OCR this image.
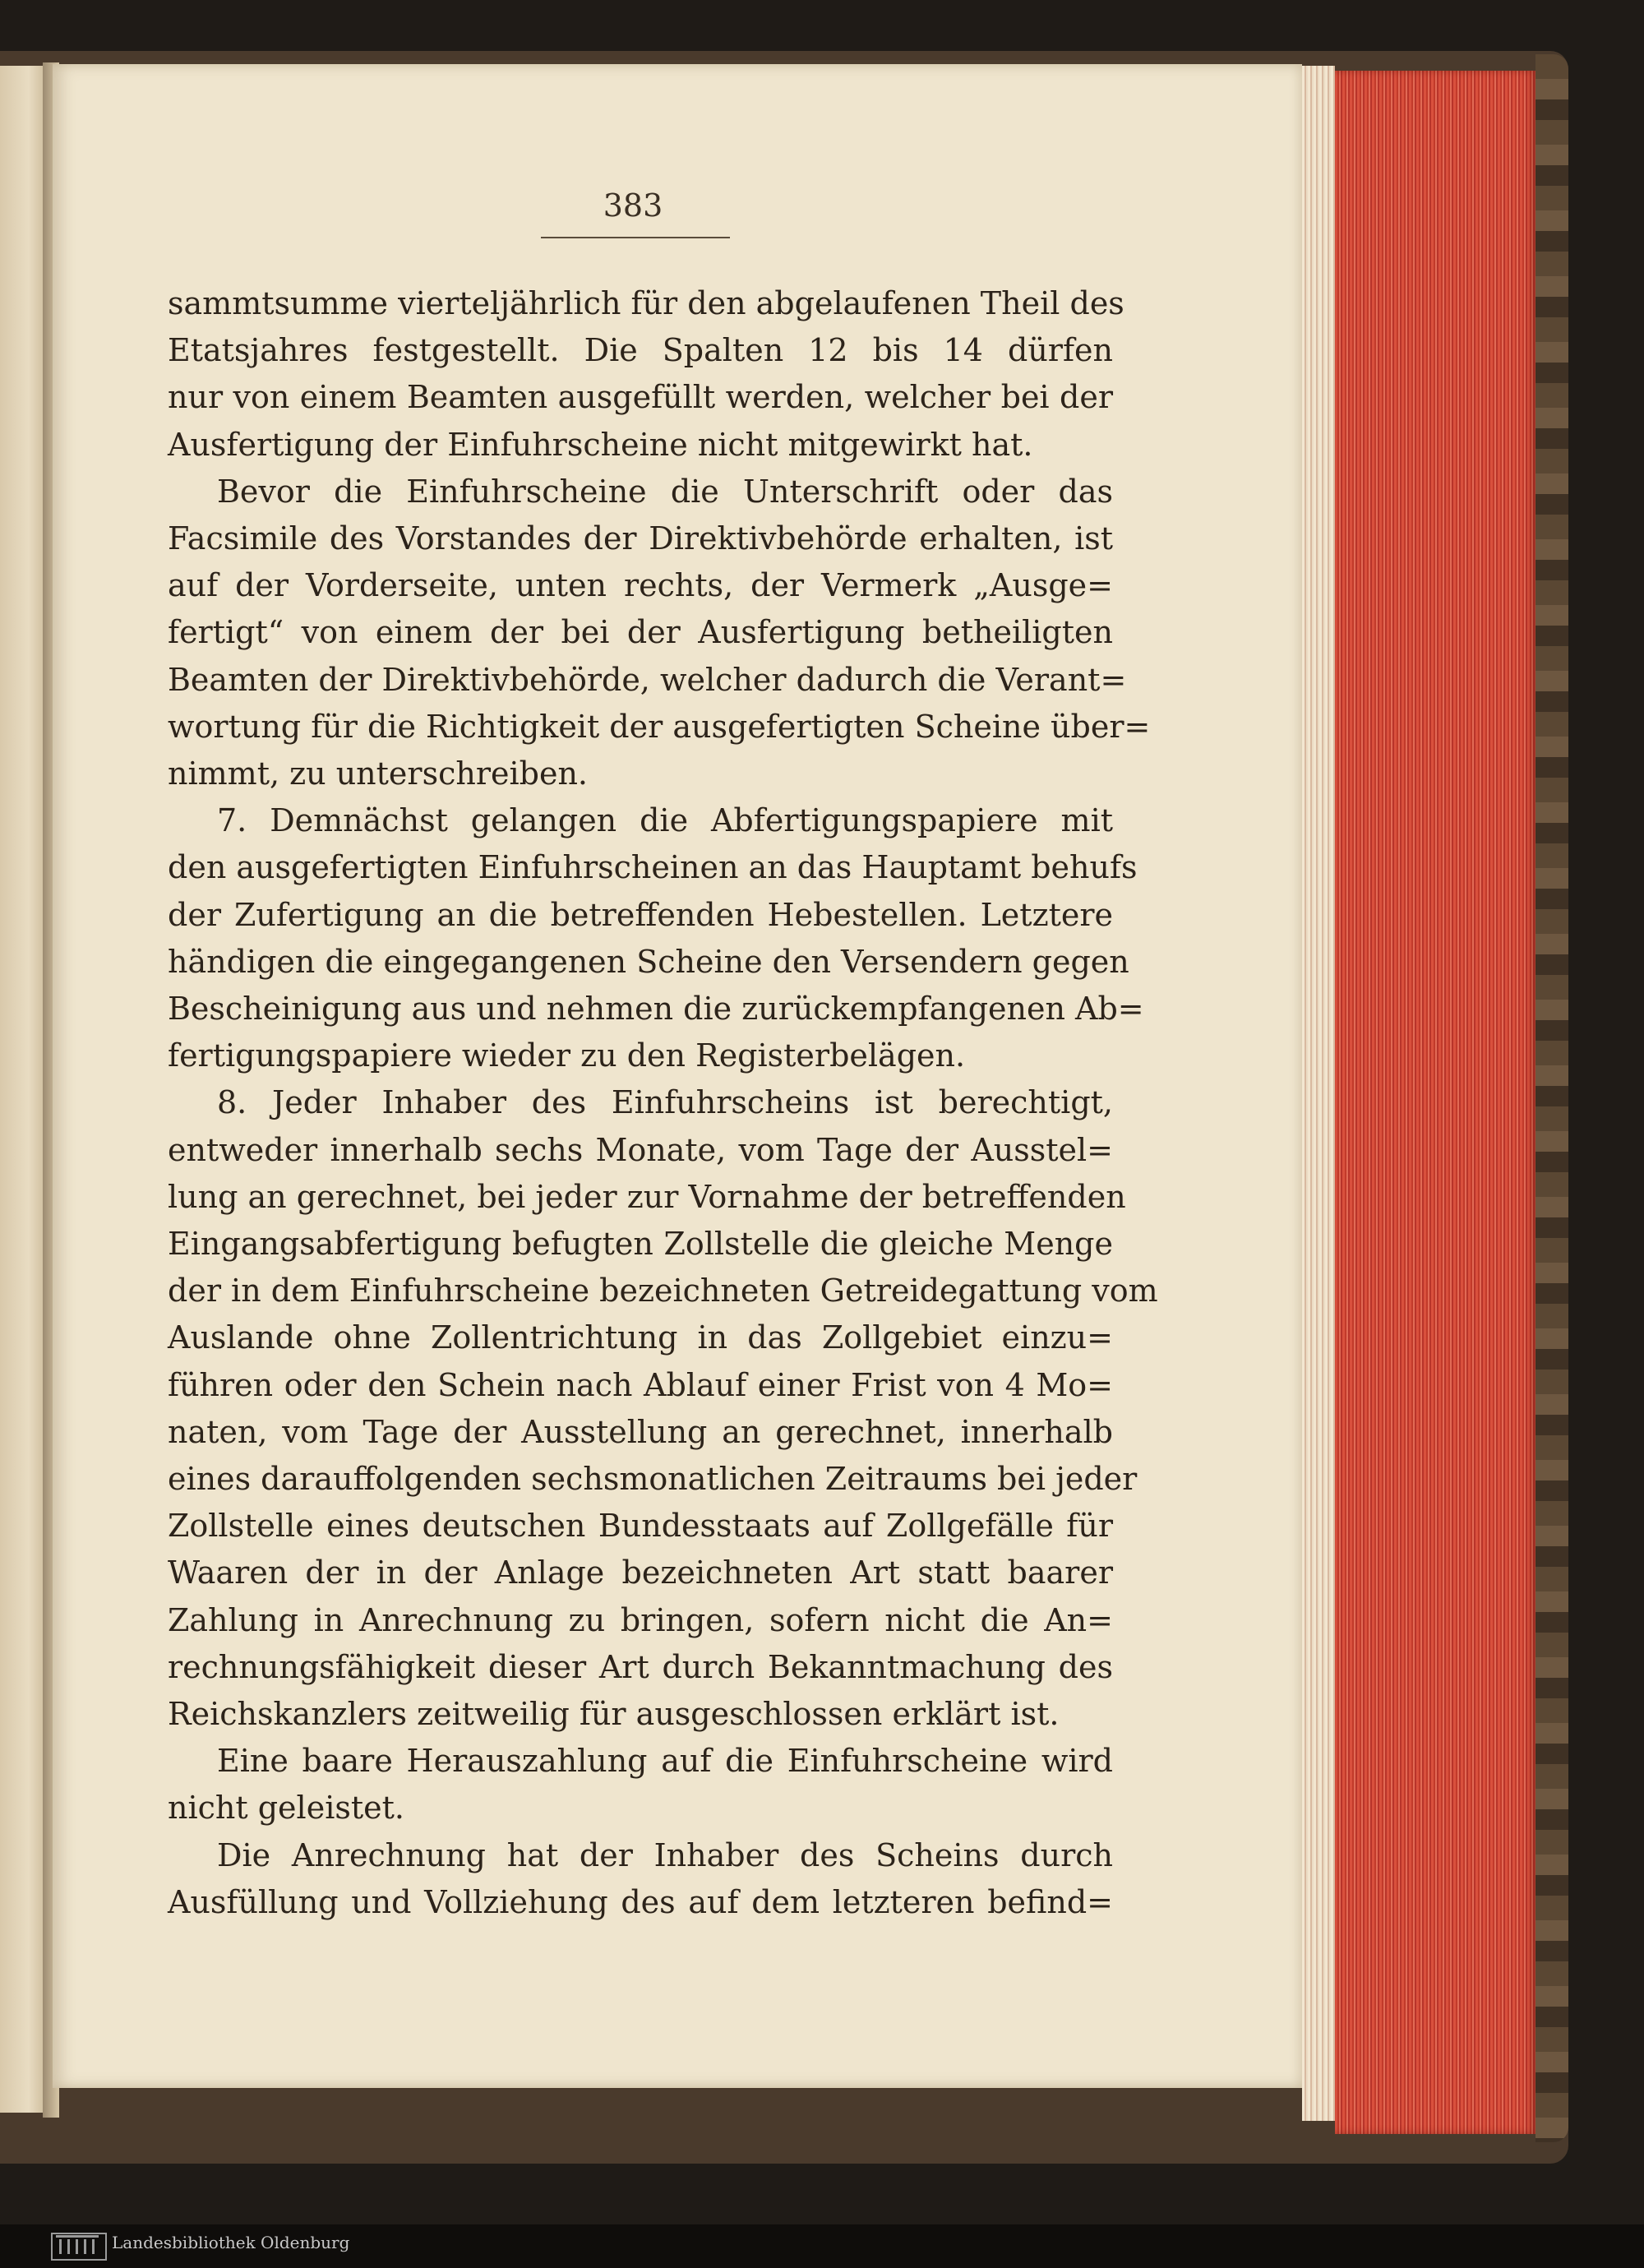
383
sammtsumme vierteljährlich für den abgelaufenen Theil des
Etatsjahres festgestellt. Die Spalten 12 bis 14 dürfen
nur von einem Beamten ausgefüllt werden, welcher bei der
Ausfertigung der Einfuhrscheine nicht mitgewirkt hat.
Bevor die Einfuhrscheine die Unterschrift oder das
Facsimile des Vorstandes der Direktivbehörde erhalten, ist
auf der Vorderseite, unten rechts, der Vermerk „Ausge=
fertigt“ von einem der bei der Ausfertigung betheiligten
Beamten der Direktivbehörde, welcher dadurch die Verant=
wortung für die Richtigkeit der ausgefertigten Scheine über=
nimmt, zu unterschreiben.
7. Demnächst gelangen die Abfertigungspapiere mit
den ausgefertigten Einfuhrscheinen an das Hauptamt behufs
der Zufertigung an die betreffenden Hebestellen. Letztere
händigen die eingegangenen Scheine den Versendern gegen
Bescheinigung aus und nehmen die zurückempfangenen Ab=
fertigungspapiere wieder zu den Registerbelägen.
8. Jeder Inhaber des Einfuhrscheins ist berechtigt,
entweder innerhalb sechs Monate, vom Tage der Ausstel=
lung an gerechnet, bei jeder zur Vornahme der betreffenden
Eingangsabfertigung befugten Zollstelle die gleiche Menge
der in dem Einfuhrscheine bezeichneten Getreidegattung vom
Auslande ohne Zollentrichtung in das Zollgebiet einzu=
führen oder den Schein nach Ablauf einer Frist von 4 Mo=
naten, vom Tage der Ausstellung an gerechnet, innerhalb
eines darauffolgenden sechsmonatlichen Zeitraums bei jeder
Zollstelle eines deutschen Bundesstaats auf Zollgefälle für
Waaren der in der Anlage bezeichneten Art statt baarer
Zahlung in Anrechnung zu bringen, sofern nicht die An=
rechnungsfähigkeit dieser Art durch Bekanntmachung des
Reichskanzlers zeitweilig für ausgeschlossen erklärt ist.
Eine baare Herauszahlung auf die Einfuhrscheine wird
nicht geleistet.
Die Anrechnung hat der Inhaber des Scheins durch
Ausfüllung und Vollziehung des auf dem letzteren befind=
Landesbibliothek Oldenburg
